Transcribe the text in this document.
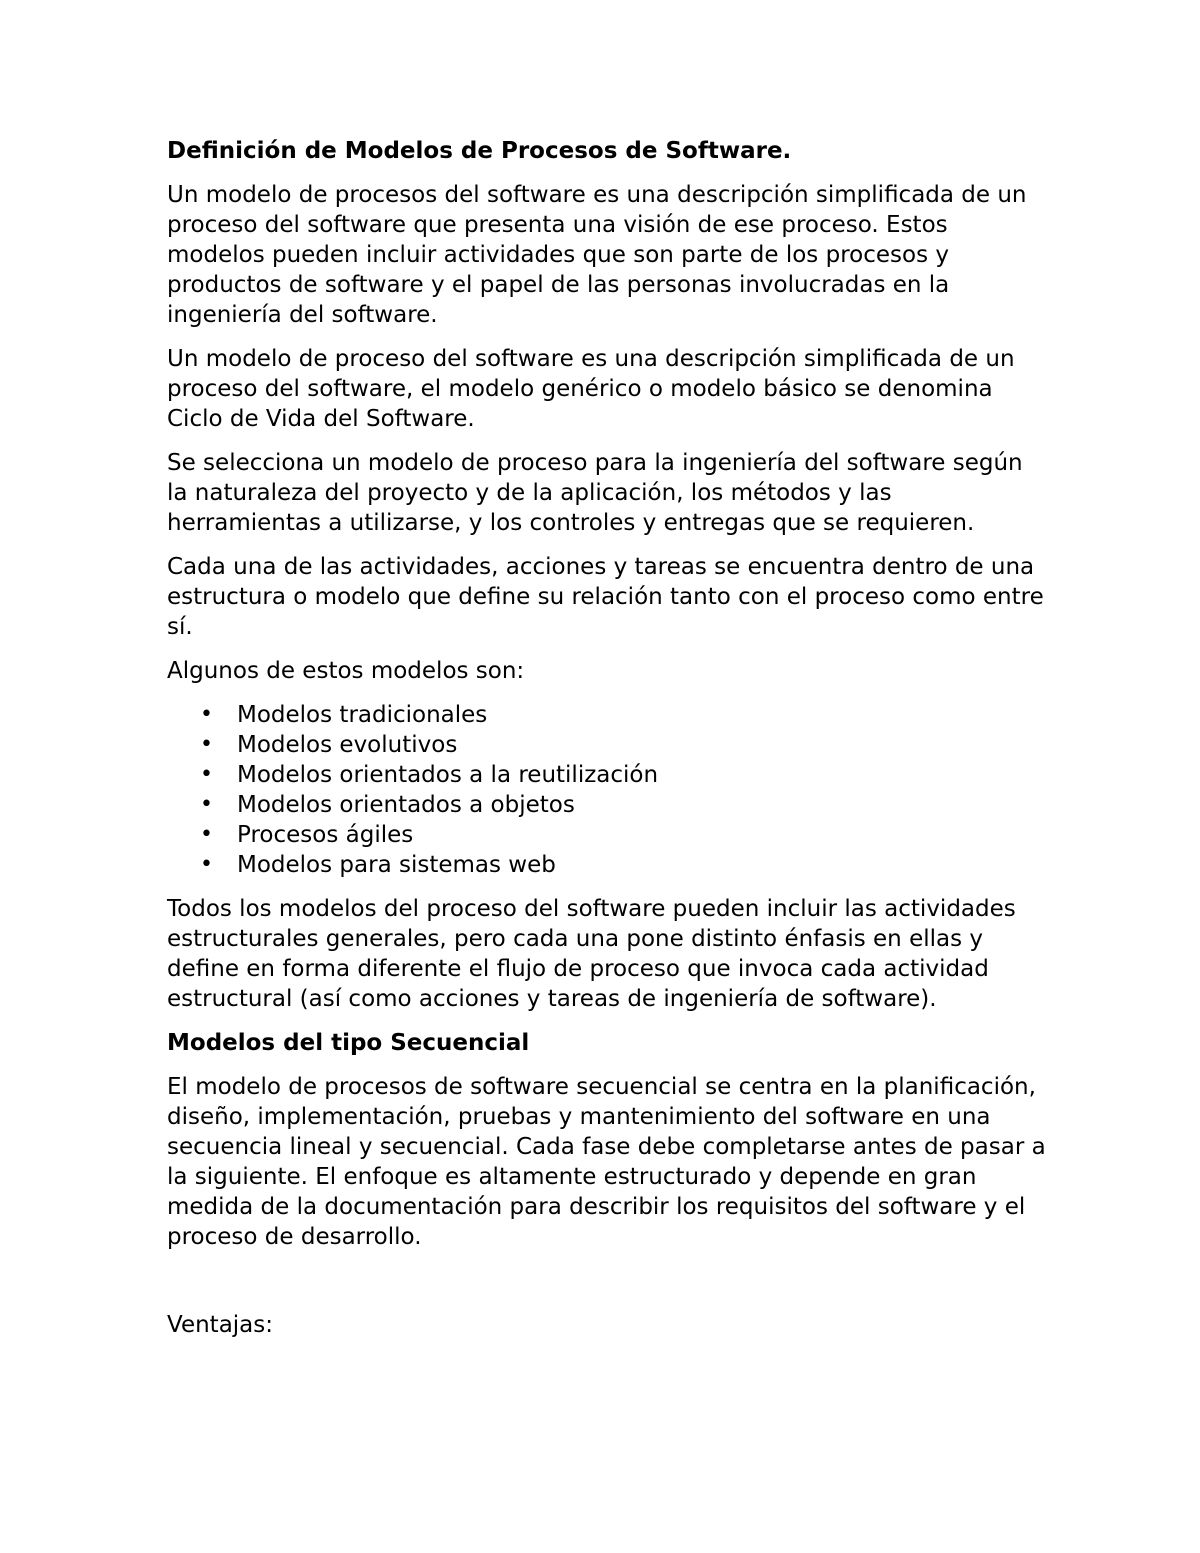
Definición de Modelos de Procesos de Software.

Un modelo de procesos del software es una descripción simplificada de un proceso del software que presenta una visión de ese proceso. Estos modelos pueden incluir actividades que son parte de los procesos y productos de software y el papel de las personas involucradas en la ingeniería del software.

Un modelo de proceso del software es una descripción simplificada de un proceso del software, el modelo genérico o modelo básico se denomina Ciclo de Vida del Software.

Se selecciona un modelo de proceso para la ingeniería del software según la naturaleza del proyecto y de la aplicación, los métodos y las herramientas a utilizarse, y los controles y entregas que se requieren.

Cada una de las actividades, acciones y tareas se encuentra dentro de una estructura o modelo que define su relación tanto con el proceso como entre sí.

Algunos de estos modelos son:

• Modelos tradicionales
• Modelos evolutivos
• Modelos orientados a la reutilización
• Modelos orientados a objetos
• Procesos ágiles
• Modelos para sistemas web

Todos los modelos del proceso del software pueden incluir las actividades estructurales generales, pero cada una pone distinto énfasis en ellas y define en forma diferente el flujo de proceso que invoca cada actividad estructural (así como acciones y tareas de ingeniería de software).

Modelos del tipo Secuencial

El modelo de procesos de software secuencial se centra en la planificación, diseño, implementación, pruebas y mantenimiento del software en una secuencia lineal y secuencial. Cada fase debe completarse antes de pasar a la siguiente. El enfoque es altamente estructurado y depende en gran medida de la documentación para describir los requisitos del software y el proceso de desarrollo.

Ventajas:
